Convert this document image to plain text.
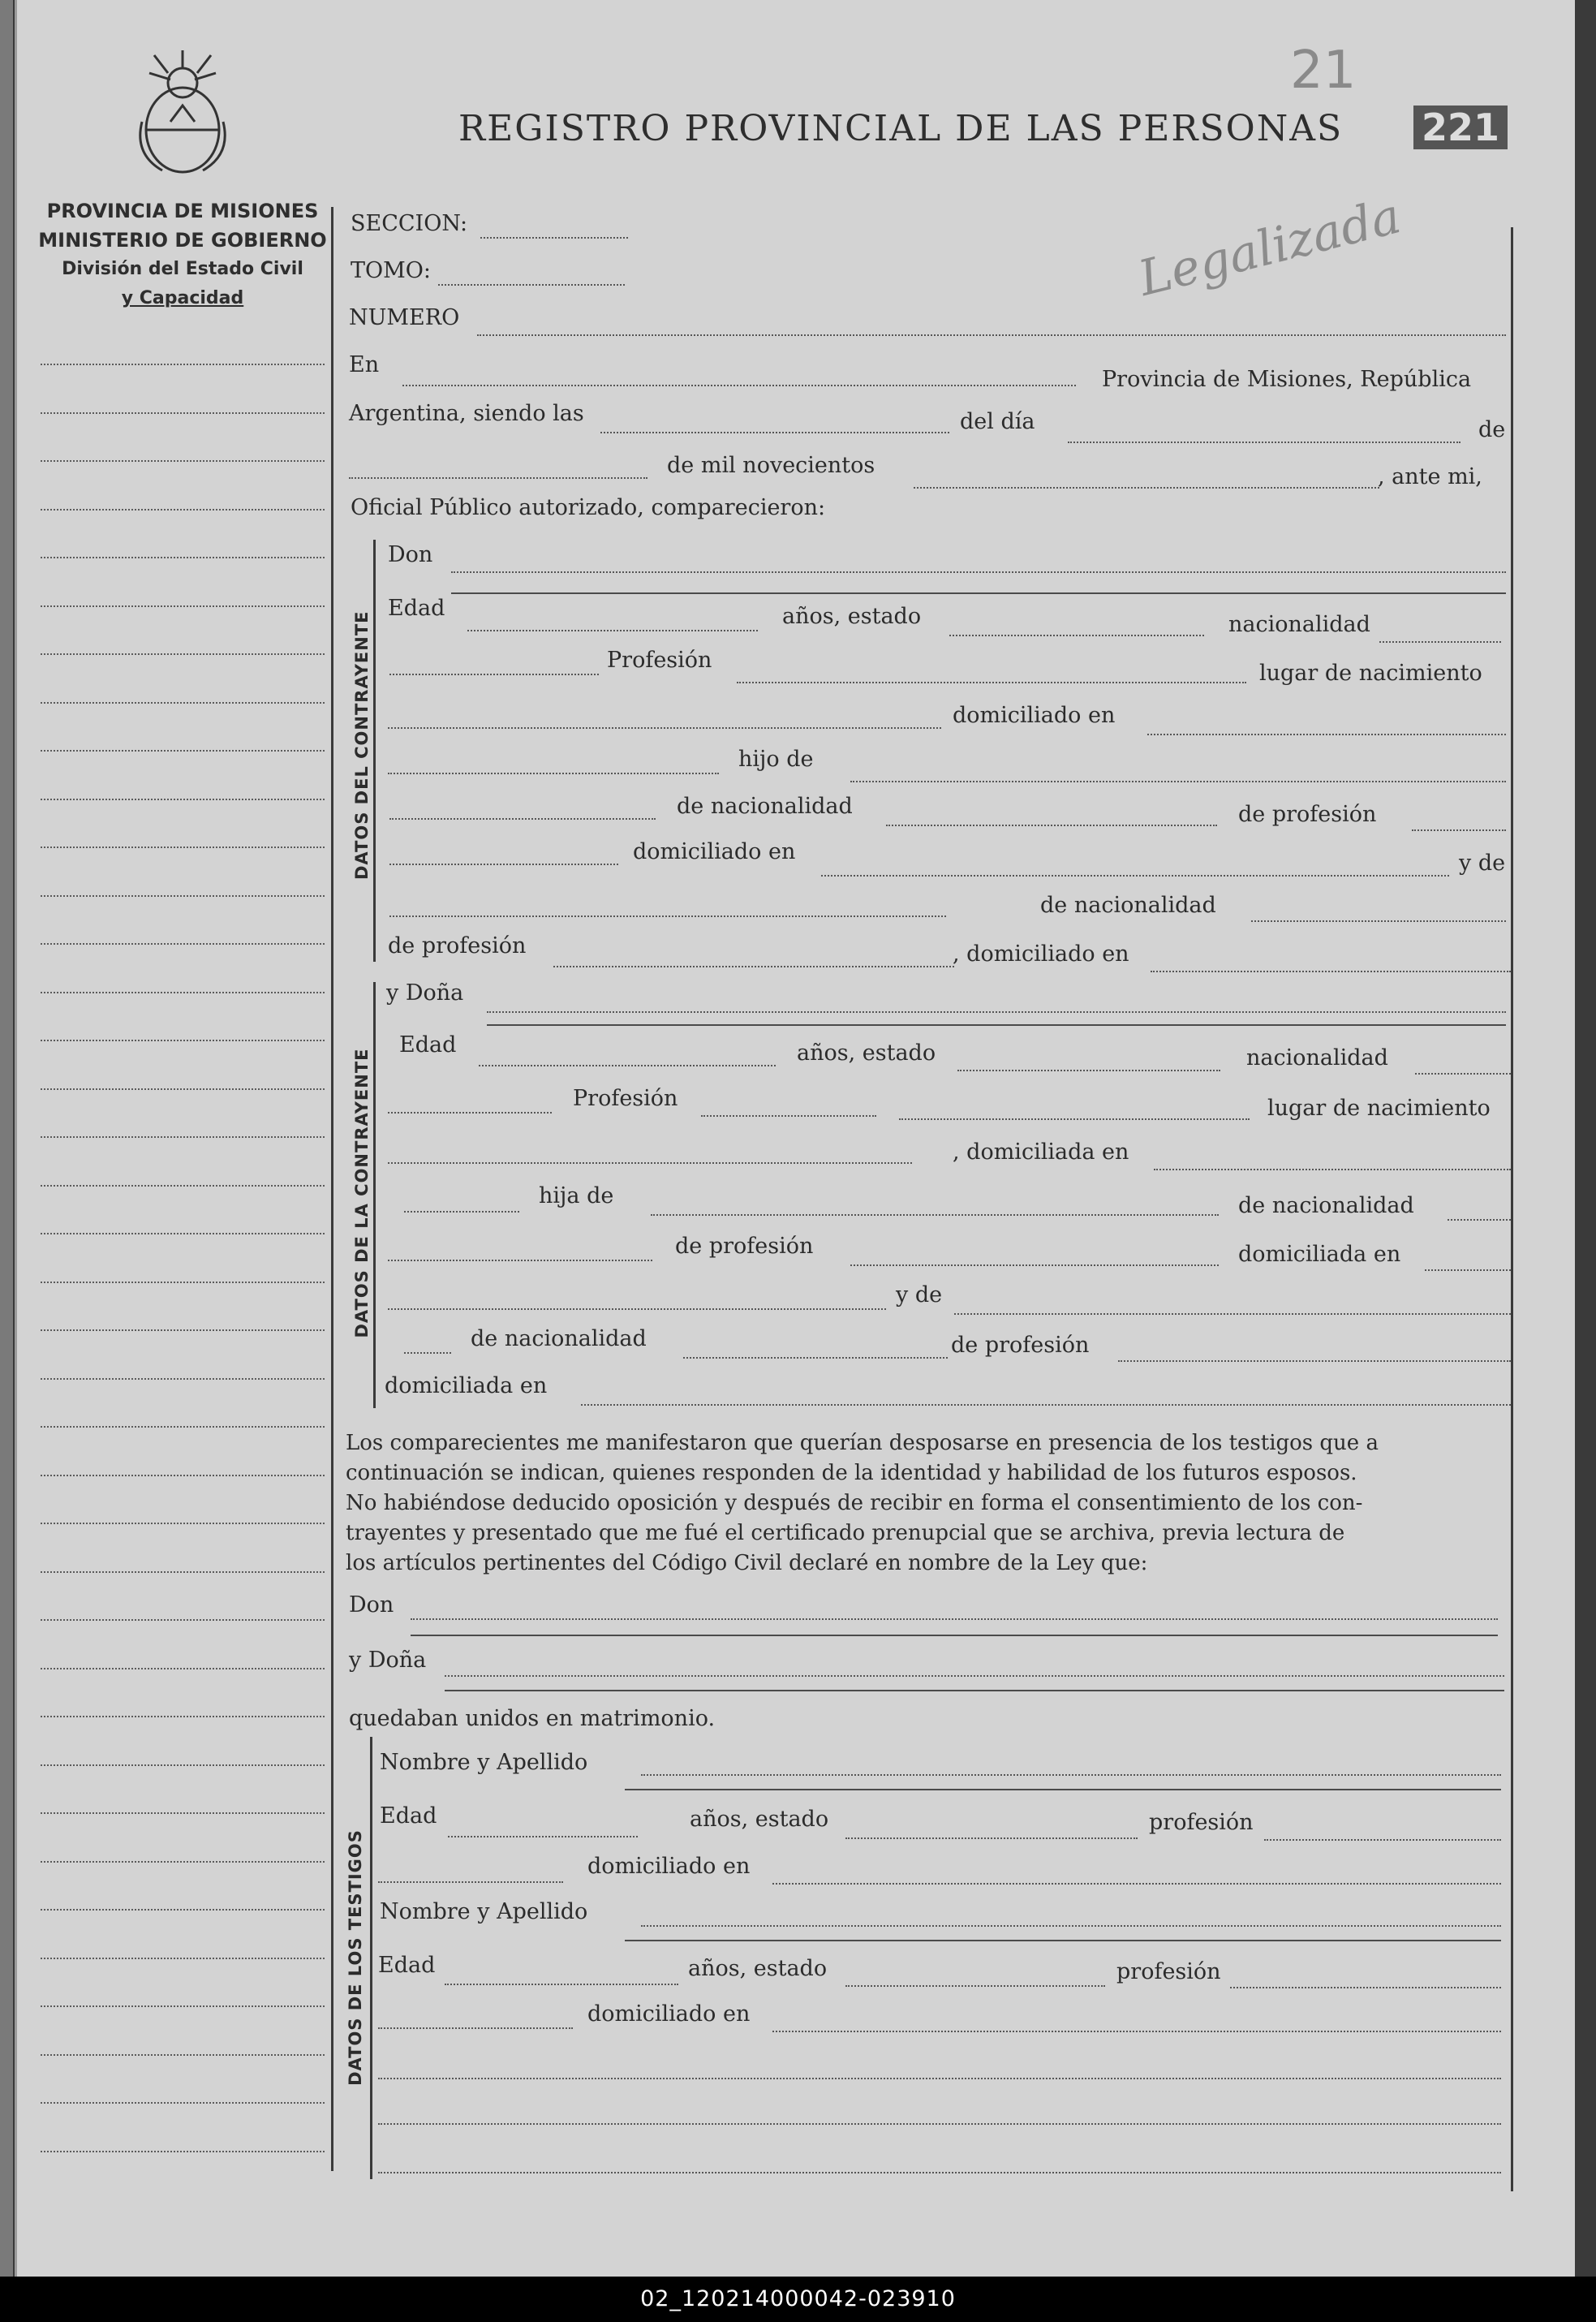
21
221
Legalizada
REGISTRO PROVINCIAL DE LAS PERSONAS
PROVINCIA DE MISIONES
MINISTERIO DE GOBIERNO
División del Estado Civil
y Capacidad
SECCION:
TOMO:
NUMERO
En
Provincia de Misiones, República
Argentina, siendo las	del día	de
de mil novecientos	, ante mi,
Oficial Público autorizado, comparecieron:
DATOS DEL CONTRAYENTE
Don
Edad	años, estado	nacionalidad
Profesión
lugar de nacimiento
domiciliado en
hijo de
de nacionalidad	de profesión
domiciliado en	y de
de nacionalidad
de profesión	, domiciliado en
DATOS DE LA CONTRAYENTE
y Doña
Edad	años, estado	nacionalidad
Profesión	lugar de nacimiento
, domiciliada en
hija de	de nacionalidad
de profesión	domiciliada en
y de
de nacionalidad	de profesión
domiciliada en
Los comparecientes me manifestaron que querían desposarse en presencia de los testigos que a
continuación se indican, quienes responden de la identidad y habilidad de los futuros esposos.
No habiéndose deducido oposición y después de recibir en forma el consentimiento de los con-
trayentes y presentado que me fué el certificado prenupcial que se archiva, previa lectura de
los artículos pertinentes del Código Civil declaré en nombre de la Ley que:
Don
y Doña
quedaban unidos en matrimonio.
DATOS DE LOS TESTIGOS
Nombre y Apellido
Edad	años, estado	profesión
domiciliado en
Nombre y Apellido
Edad	años, estado	profesión
domiciliado en
02_120214000042-023910
